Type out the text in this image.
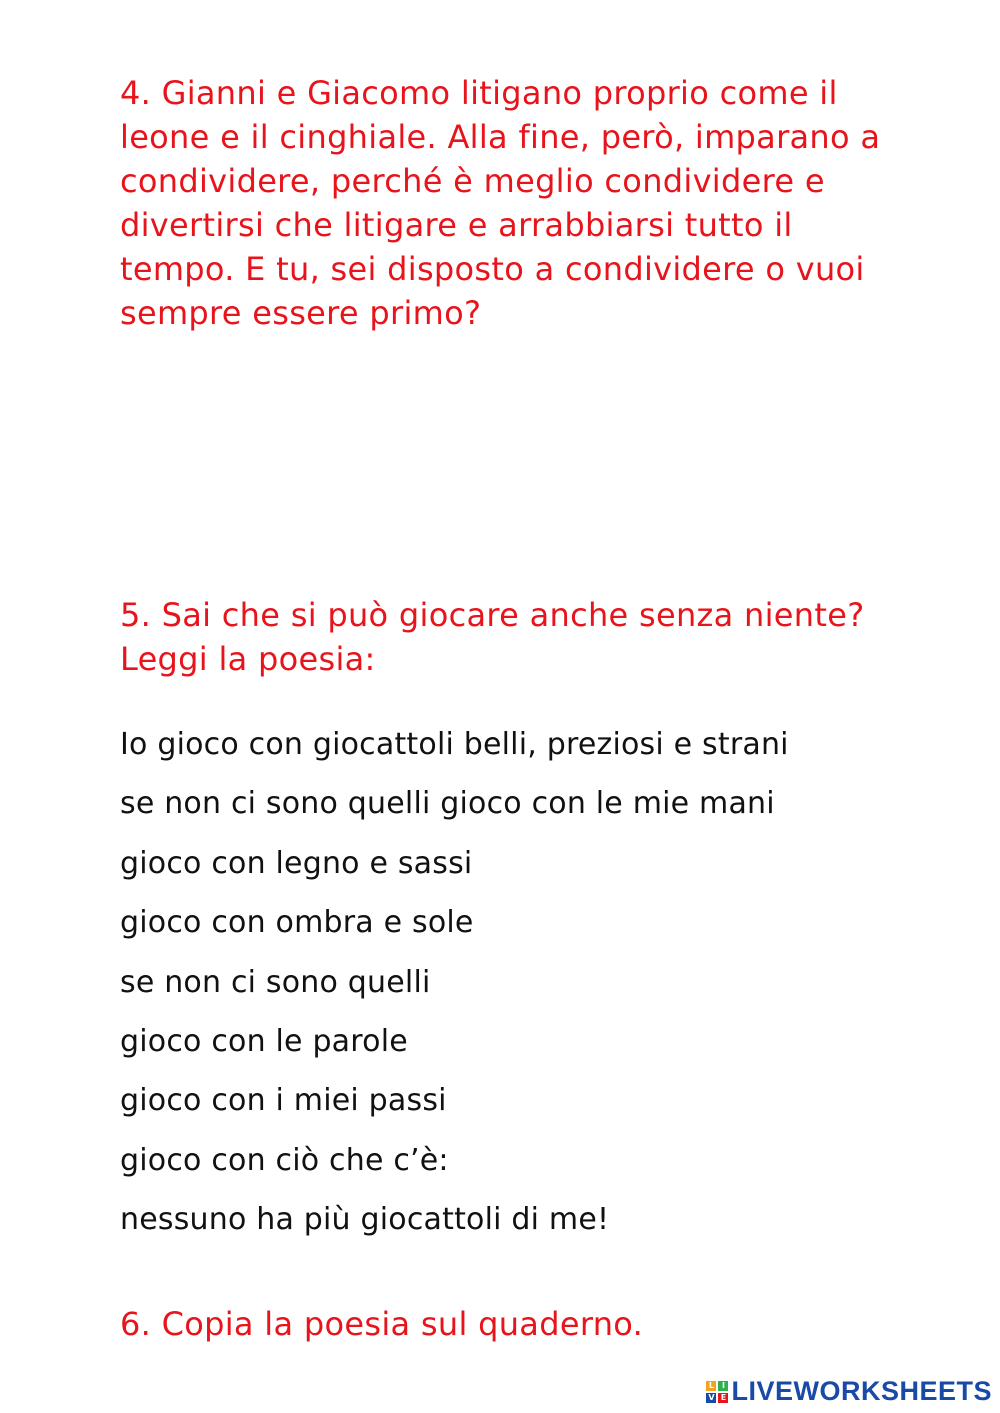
4. Gianni e Giacomo litigano proprio come il leone e il cinghiale. Alla fine, però, imparano a condividere, perché è meglio condividere e divertirsi che litigare e arrabbiarsi tutto il tempo. E tu, sei disposto a condividere o vuoi sempre essere primo?

5. Sai che si può giocare anche senza niente? Leggi la poesia:

Io gioco con giocattoli belli, preziosi e strani
se non ci sono quelli gioco con le mie mani
gioco con legno e sassi
gioco con ombra e sole
se non ci sono quelli
gioco con le parole
gioco con i miei passi
gioco con ciò che c’è:
nessuno ha più giocattoli di me!

6. Copia la poesia sul quaderno.

L I
V E LIVEWORKSHEETS
